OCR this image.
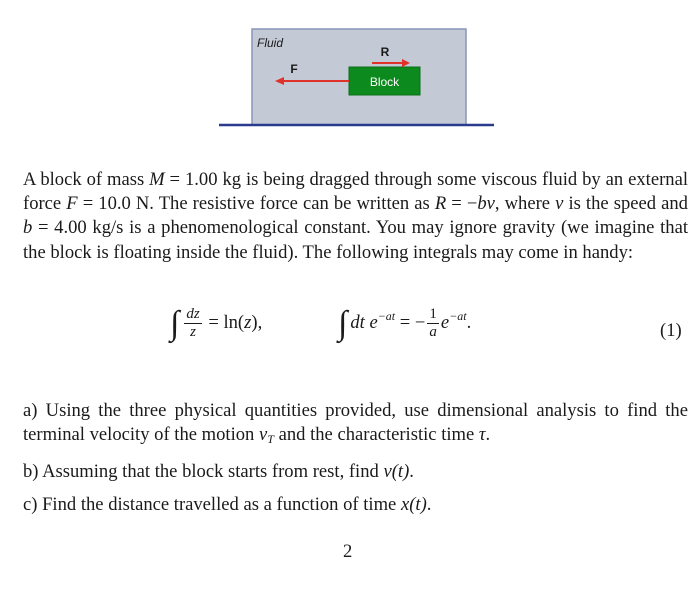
Fluid
Block
R
F

A block of mass M = 1.00 kg is being dragged through some viscous fluid by an external force F = 10.0 N. The resistive force can be written as R = −bv, where v is the speed and b = 4.00 kg/s is a phenomenological constant. You may ignore gravity (we imagine that the block is floating inside the fluid). The following integrals may come in handy:

∫ $\frac{dz}{z} = \ln(z)$, ∫ dt $e^{-at}$ = − $\frac{1}{a} e^{-at}$.	(1)

a) Using the three physical quantities provided, use dimensional analysis to find the terminal velocity of the motion $v_T$ and the characteristic time τ.

b) Assuming that the block starts from rest, find v(t).

c) Find the distance travelled as a function of time x(t).

2
